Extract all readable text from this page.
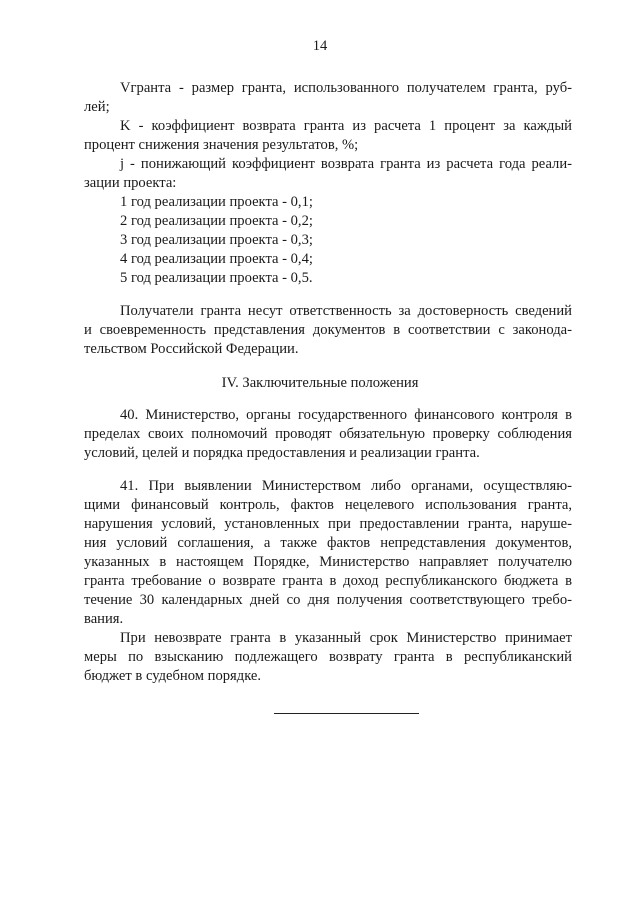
14
Vгранта - размер гранта, использованного получателем гранта, руб-
лей;
K - коэффициент возврата гранта из расчета 1 процент за каждый
процент снижения значения результатов, %;
j - понижающий коэффициент возврата гранта из расчета года реали-
зации проекта:
1 год реализации проекта - 0,1;
2 год реализации проекта - 0,2;
3 год реализации проекта - 0,3;
4 год реализации проекта - 0,4;
5 год реализации проекта - 0,5.
Получатели гранта несут ответственность за достоверность сведений
и своевременность представления документов в соответствии с законода-
тельством Российской Федерации.
IV. Заключительные положения
40. Министерство, органы государственного финансового контроля в
пределах своих полномочий проводят обязательную проверку соблюдения
условий, целей и порядка предоставления и реализации гранта.
41. При выявлении Министерством либо органами, осуществляю-
щими финансовый контроль, фактов нецелевого использования гранта,
нарушения условий, установленных при предоставлении гранта, наруше-
ния условий соглашения, а также фактов непредставления документов,
указанных в настоящем Порядке, Министерство направляет получателю
гранта требование о возврате гранта в доход республиканского бюджета в
течение 30 календарных дней со дня получения соответствующего требо-
вания.
При невозврате гранта в указанный срок Министерство принимает
меры по взысканию подлежащего возврату гранта в республиканский
бюджет в судебном порядке.
